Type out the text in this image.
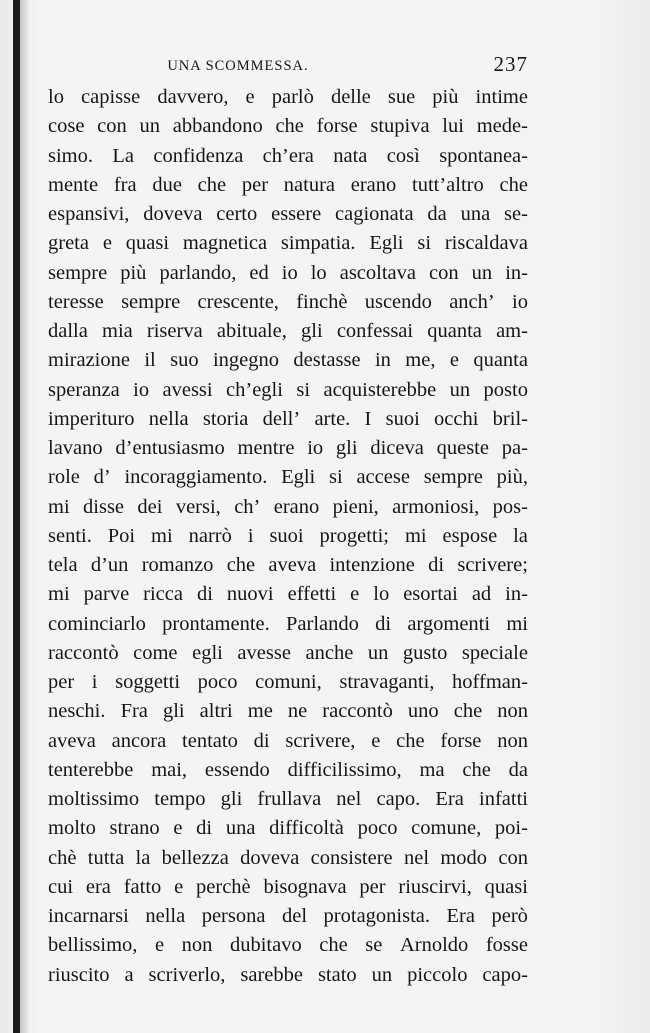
UNA SCOMMESSA.	237
lo capisse davvero, e parlò delle sue più intime
cose con un abbandono che forse stupiva lui mede-
simo. La confidenza ch’era nata così spontanea-
mente fra due che per natura erano tutt’altro che
espansivi, doveva certo essere cagionata da una se-
greta e quasi magnetica simpatia. Egli si riscaldava
sempre più parlando, ed io lo ascoltava con un in-
teresse sempre crescente, finchè uscendo anch’ io
dalla mia riserva abituale, gli confessai quanta am-
mirazione il suo ingegno destasse in me, e quanta
speranza io avessi ch’egli si acquisterebbe un posto
imperituro nella storia dell’ arte. I suoi occhi bril-
lavano d’entusiasmo mentre io gli diceva queste pa-
role d’ incoraggiamento. Egli si accese sempre più,
mi disse dei versi, ch’ erano pieni, armoniosi, pos-
senti. Poi mi narrò i suoi progetti; mi espose la
tela d’un romanzo che aveva intenzione di scrivere;
mi parve ricca di nuovi effetti e lo esortai ad in-
cominciarlo prontamente. Parlando di argomenti mi
raccontò come egli avesse anche un gusto speciale
per i soggetti poco comuni, stravaganti, hoffman-
neschi. Fra gli altri me ne raccontò uno che non
aveva ancora tentato di scrivere, e che forse non
tenterebbe mai, essendo difficilissimo, ma che da
moltissimo tempo gli frullava nel capo. Era infatti
molto strano e di una difficoltà poco comune, poi-
chè tutta la bellezza doveva consistere nel modo con
cui era fatto e perchè bisognava per riuscirvi, quasi
incarnarsi nella persona del protagonista. Era però
bellissimo, e non dubitavo che se Arnoldo fosse
riuscito a scriverlo, sarebbe stato un piccolo capo-
